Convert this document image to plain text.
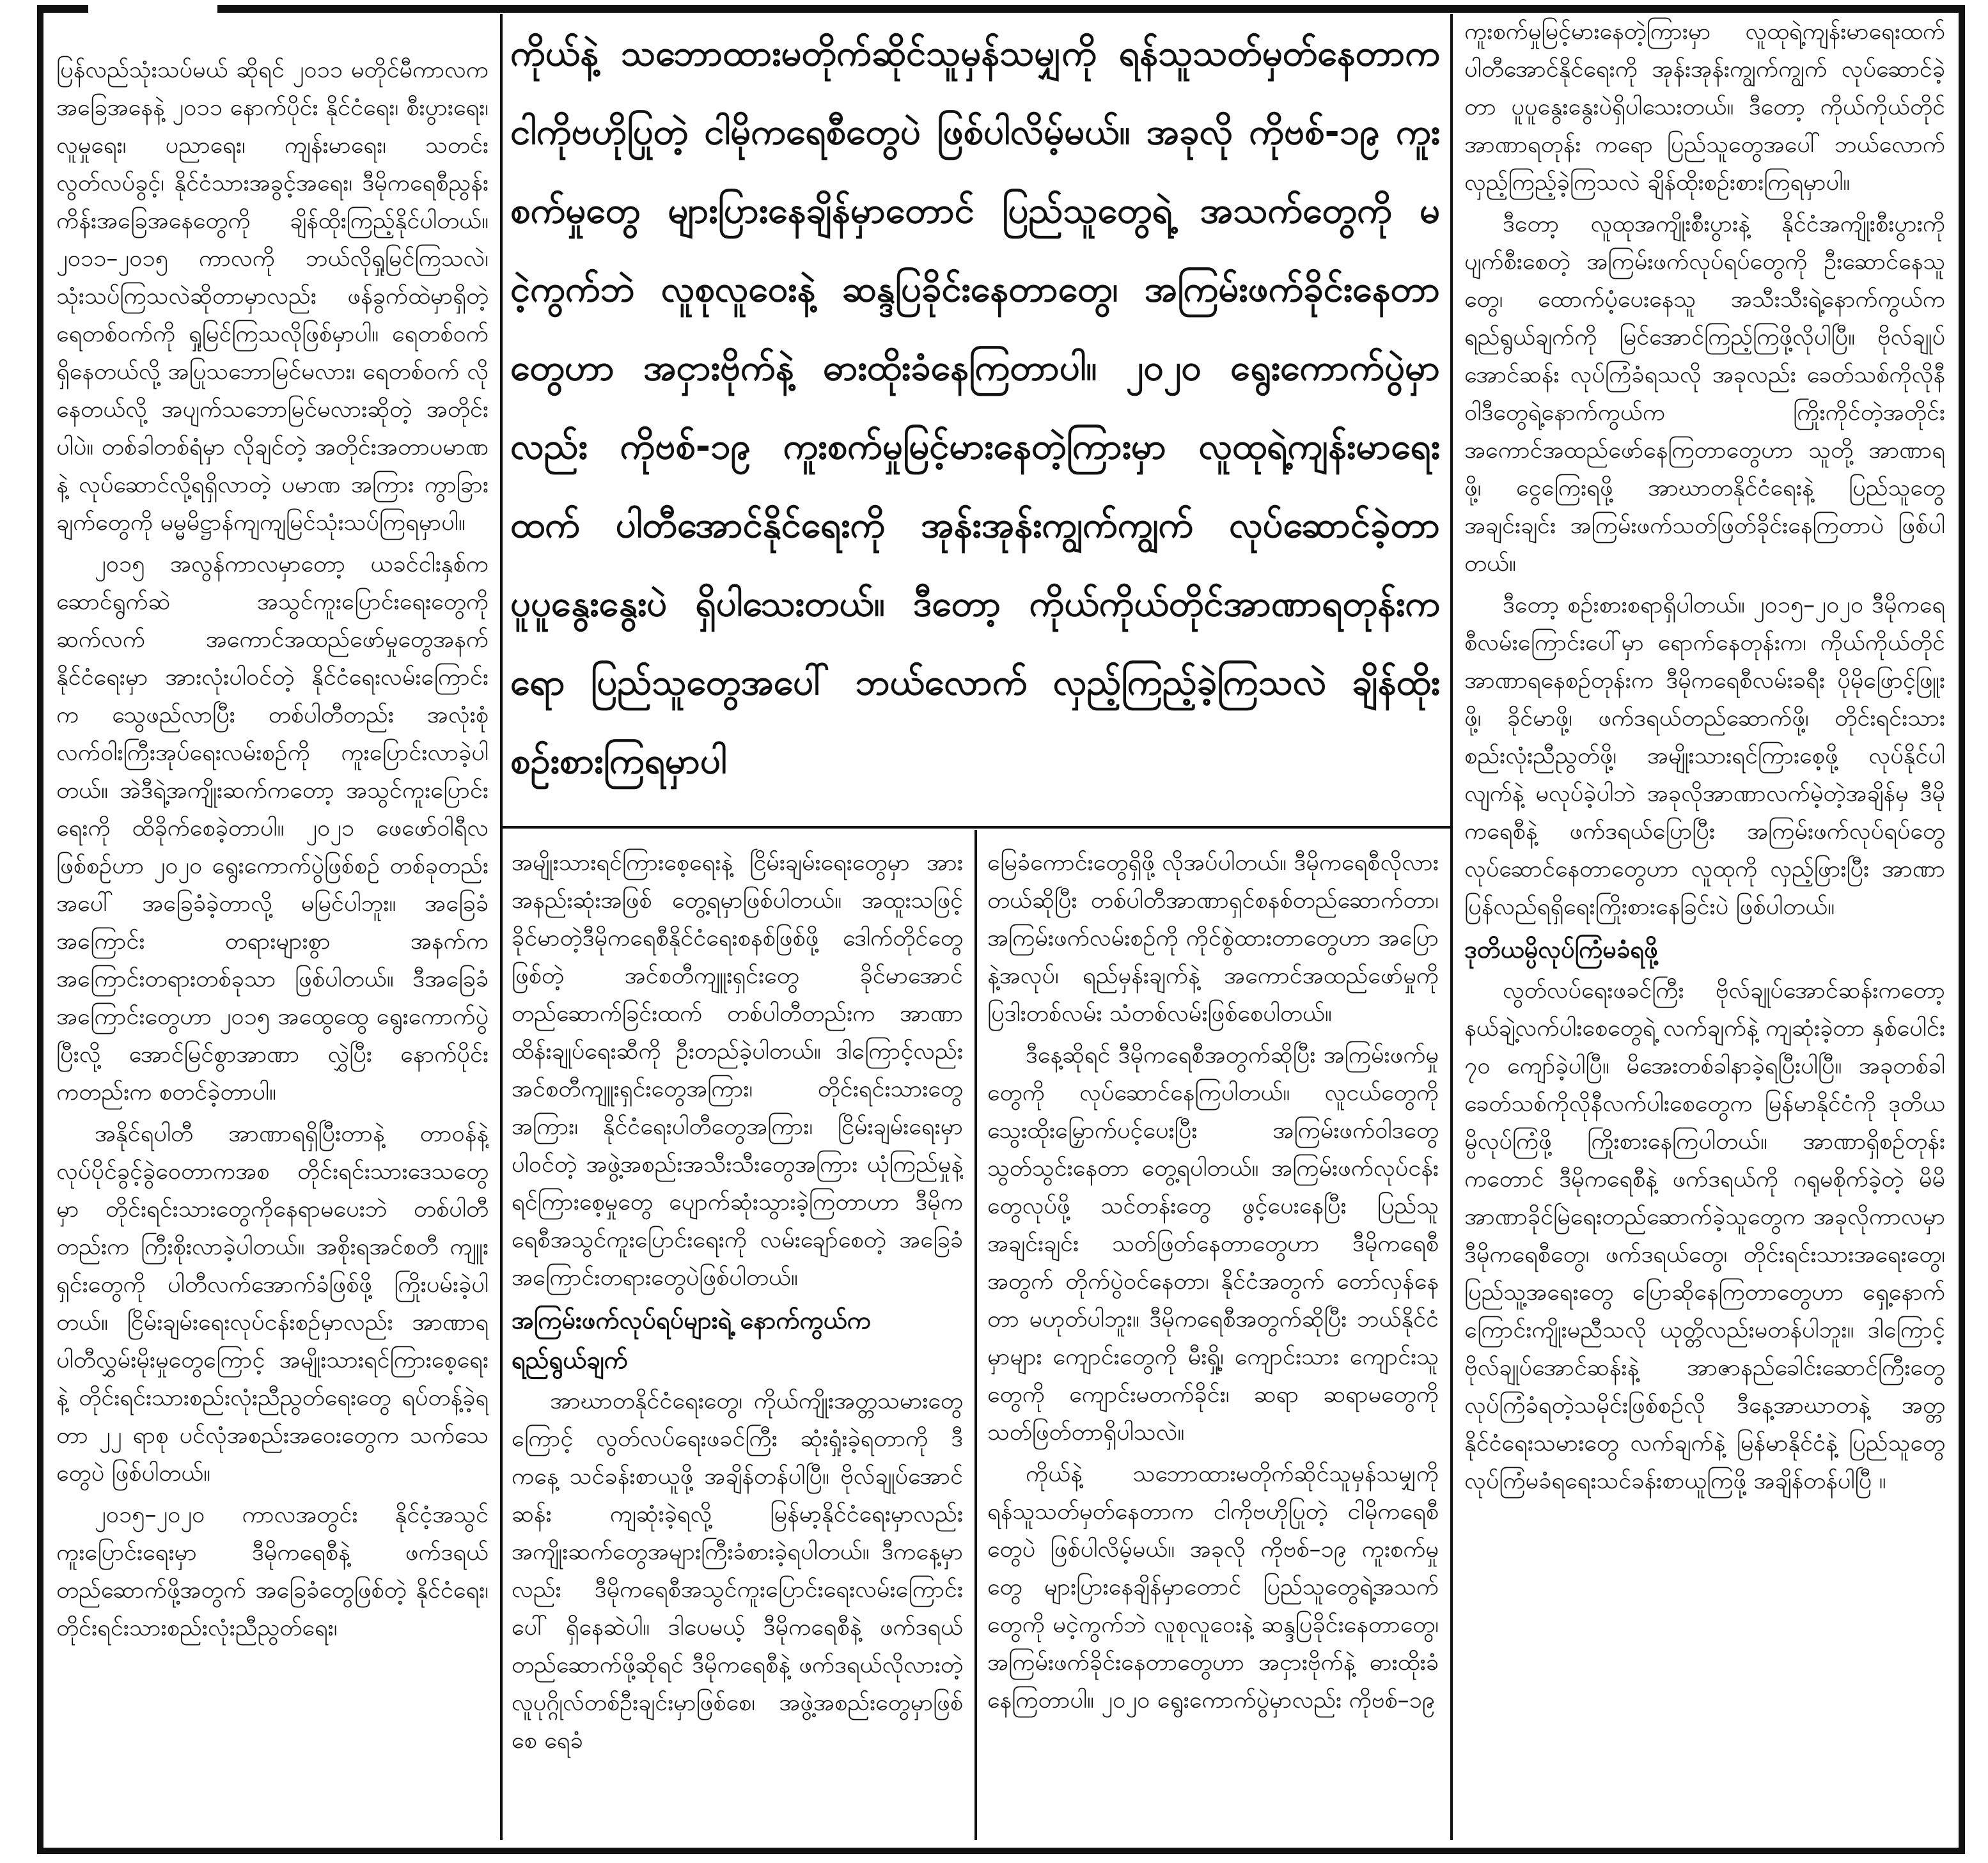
ပြန်လည်သုံးသပ်မယ် ဆိုရင် ၂၀၁၁ မတိုင်မီကာလက အခြေအနေနဲ့ ၂၀၁၁ နောက်ပိုင်း နိုင်ငံရေး၊ စီးပွားရေး၊ လူမှုရေး၊ ပညာရေး၊ ကျန်းမာရေး၊ သတင်းလွတ်လပ်ခွင့်၊ နိုင်ငံသားအခွင့်အရေး၊ ဒီမိုကရေစီညွန်းကိန်းအခြေအနေတွေကို ချိန်ထိုးကြည့်နိုင်ပါတယ်။ ၂၀၁၁–၂၀၁၅ ကာလကို ဘယ်လိုရှုမြင်ကြသလဲ၊ သုံးသပ်ကြသလဲဆိုတာမှာလည်း ဖန်ခွက်ထဲမှာရှိတဲ့ ရေတစ်ဝက်ကို ရှုမြင်ကြသလိုဖြစ်မှာပါ။ ရေတစ်ဝက် ရှိနေတယ်လို့ အပြုသဘောမြင်မလား၊ ရေတစ်ဝက် လိုနေတယ်လို့ အပျက်သဘောမြင်မလားဆိုတဲ့ အတိုင်းပါပဲ။ တစ်ခါတစ်ရံမှာ လိုချင်တဲ့ အတိုင်းအတာပမာဏနဲ့ လုပ်ဆောင်လို့ရရှိလာတဲ့ ပမာဏ အကြား ကွာခြားချက်တွေကို မမ္မမိဋ္ဌာန်ကျကျမြင်သုံးသပ်ကြရမှာပါ။

၂၀၁၅ အလွန်ကာလမှာတော့ ယခင်ငါးနှစ်ကဆောင်ရွက်ဆဲ အသွင်ကူးပြောင်းရေးတွေကို ဆက်လက် အကောင်အထည်ဖော်မှုတွေအနက် နိုင်ငံရေးမှာ အားလုံးပါဝင်တဲ့ နိုင်ငံရေးလမ်းကြောင်းက သွေဖည်လာပြီး တစ်ပါတီတည်း အလုံးစုံလက်ဝါးကြီးအုပ်ရေးလမ်းစဉ်ကို ကူးပြောင်းလာခဲ့ပါတယ်။ အဲဒီရဲ့အကျိုးဆက်ကတော့ အသွင်ကူးပြောင်းရေးကို ထိခိုက်စေခဲ့တာပါ။ ၂၀၂၁ ဖေဖော်ဝါရီလဖြစ်စဉ်ဟာ ၂၀၂၀ ရွေးကောက်ပွဲဖြစ်စဉ် တစ်ခုတည်းအပေါ် အခြေခံခဲ့တာလို့ မမြင်ပါဘူး။ အခြေခံအကြောင်း တရားများစွာ အနက်က အကြောင်းတရားတစ်ခုသာ ဖြစ်ပါတယ်။ ဒီအခြေခံအကြောင်းတွေဟာ ၂၀၁၅ အထွေထွေ ရွေးကောက်ပွဲပြီးလို့ အောင်မြင်စွာအာဏာ လွှဲပြီး နောက်ပိုင်းကတည်းက စတင်ခဲ့တာပါ။

အနိုင်ရပါတီ အာဏာရရှိပြီးတာနဲ့ တာဝန်နဲ့ လုပ်ပိုင်ခွင့်ခွဲဝေတာကအစ တိုင်းရင်းသားဒေသတွေမှာ တိုင်းရင်းသားတွေကိုနေရာမပေးဘဲ တစ်ပါတီတည်းက ကြီးစိုးလာခဲ့ပါတယ်။ အစိုးရအင်စတီ ကျူးရှင်းတွေကို ပါတီလက်အောက်ခံဖြစ်ဖို့ ကြိုးပမ်းခဲ့ပါတယ်။ ငြိမ်းချမ်းရေးလုပ်ငန်းစဉ်မှာလည်း အာဏာရပါတီလွှမ်းမိုးမှုတွေကြောင့် အမျိုးသားရင်ကြားစေ့ရေးနဲ့ တိုင်းရင်းသားစည်းလုံးညီညွတ်ရေးတွေ ရပ်တန့်ခဲ့ရတာ ၂၂ ရာစု ပင်လုံအစည်းအဝေးတွေက သက်သေတွေပဲ ဖြစ်ပါတယ်။

၂၀၁၅–၂၀၂၀ ကာလအတွင်း နိုင်ငံ့အသွင်ကူးပြောင်းရေးမှာ ဒီမိုကရေစီနဲ့ ဖက်ဒရယ်တည်ဆောက်ဖို့အတွက် အခြေခံတွေဖြစ်တဲ့ နိုင်ငံရေး၊ တိုင်းရင်းသားစည်းလုံးညီညွတ်ရေး၊

ကိုယ်နဲ့ သဘောထားမတိုက်ဆိုင်သူမှန်သမျှကို ရန်သူသတ်မှတ်နေတာက ငါကိုဗဟိုပြုတဲ့ ငါမိုကရေစီတွေပဲ ဖြစ်ပါလိမ့်မယ်။ အခုလို ကိုဗစ်-၁၉ ကူးစက်မှုတွေ များပြားနေချိန်မှာတောင် ပြည်သူတွေရဲ့ အသက်တွေကို မငဲ့ကွက်ဘဲ လူစုလူဝေးနဲ့ ဆန္ဒပြခိုင်းနေတာတွေ၊ အကြမ်းဖက်ခိုင်းနေတာတွေဟာ အငှားဗိုက်နဲ့ ဓားထိုးခံနေကြတာပါ။ ၂၀၂၀ ရွေးကောက်ပွဲမှာလည်း ကိုဗစ်-၁၉ ကူးစက်မှုမြင့်မားနေတဲ့ကြားမှာ လူထုရဲ့ကျန်းမာရေးထက် ပါတီအောင်နိုင်ရေးကို အုန်းအုန်းကျွက်ကျွက် လုပ်ဆောင်ခဲ့တာ ပူပူနွေးနွေးပဲ ရှိပါသေးတယ်။ ဒီတော့ ကိုယ်ကိုယ်တိုင်အာဏာရတုန်းကရော ပြည်သူတွေအပေါ် ဘယ်လောက် လှည့်ကြည့်ခဲ့ကြသလဲ ချိန်ထိုးစဉ်းစားကြရမှာပါ

အမျိုးသားရင်ကြားစေ့ရေးနဲ့ ငြိမ်းချမ်းရေးတွေမှာ အားအနည်းဆုံးအဖြစ် တွေ့ရမှာဖြစ်ပါတယ်။ အထူးသဖြင့် ခိုင်မာတဲ့ဒီမိုကရေစီနိုင်ငံရေးစနစ်ဖြစ်ဖို့ ဒေါက်တိုင်တွေဖြစ်တဲ့ အင်စတီကျူးရှင်းတွေ ခိုင်မာအောင် တည်ဆောက်ခြင်းထက် တစ်ပါတီတည်းက အာဏာထိန်းချုပ်ရေးဆီကို ဦးတည်ခဲ့ပါတယ်။ ဒါကြောင့်လည်း အင်စတီကျူးရှင်းတွေအကြား၊ တိုင်းရင်းသားတွေအကြား၊ နိုင်ငံရေးပါတီတွေအကြား၊ ငြိမ်းချမ်းရေးမှာပါဝင်တဲ့ အဖွဲ့အစည်းအသီးသီးတွေအကြား ယုံကြည်မှုနဲ့ ရင်ကြားစေ့မှုတွေ ပျောက်ဆုံးသွားခဲ့ကြတာဟာ ဒီမိုကရေစီအသွင်ကူးပြောင်းရေးကို လမ်းချော်စေတဲ့ အခြေခံအကြောင်းတရားတွေပဲဖြစ်ပါတယ်။

အကြမ်းဖက်လုပ်ရပ်များရဲ့ နောက်ကွယ်က ရည်ရွယ်ချက်

အာဃာတနိုင်ငံရေးတွေ၊ ကိုယ်ကျိုးအတ္တသမားတွေကြောင့် လွတ်လပ်ရေးဖခင်ကြီး ဆုံးရှုံးခဲ့ရတာကို ဒီကနေ့ သင်ခန်းစာယူဖို့ အချိန်တန်ပါပြီ။ ဗိုလ်ချုပ်အောင်ဆန်း ကျဆုံးခဲ့ရလို့ မြန်မာ့နိုင်ငံရေးမှာလည်း အကျိုးဆက်တွေအများကြီးခံစားခဲ့ရပါတယ်။ ဒီကနေ့မှာလည်း ဒီမိုကရေစီအသွင်ကူးပြောင်းရေးလမ်းကြောင်းပေါ် ရှိနေဆဲပါ။ ဒါပေမယ့် ဒီမိုကရေစီနဲ့ ဖက်ဒရယ်တည်ဆောက်ဖို့ဆိုရင် ဒီမိုကရေစီနဲ့ ဖက်ဒရယ်လိုလားတဲ့ လူပုဂ္ဂိုလ်တစ်ဦးချင်းမှာဖြစ်စေ၊ အဖွဲ့အစည်းတွေမှာဖြစ်စေ ရေခံ

မြေခံကောင်းတွေရှိဖို့ လိုအပ်ပါတယ်။ ဒီမိုကရေစီလိုလားတယ်ဆိုပြီး တစ်ပါတီအာဏာရှင်စနစ်တည်ဆောက်တာ၊ အကြမ်းဖက်လမ်းစဉ်ကို ကိုင်စွဲထားတာတွေဟာ အပြောနဲ့အလုပ်၊ ရည်မှန်းချက်နဲ့ အကောင်အထည်ဖော်မှုကို ပြဒါးတစ်လမ်း သံတစ်လမ်းဖြစ်စေပါတယ်။

ဒီနေ့ဆိုရင် ဒီမိုကရေစီအတွက်ဆိုပြီး အကြမ်းဖက်မှုတွေကို လုပ်ဆောင်နေကြပါတယ်။ လူငယ်တွေကို သွေးထိုးမြှောက်ပင့်ပေးပြီး အကြမ်းဖက်ဝါဒတွေ သွတ်သွင်းနေတာ တွေ့ရပါတယ်။ အကြမ်းဖက်လုပ်ငန်းတွေလုပ်ဖို့ သင်တန်းတွေ ဖွင့်ပေးနေပြီး ပြည်သူအချင်းချင်း သတ်ဖြတ်နေတာတွေဟာ ဒီမိုကရေစီအတွက် တိုက်ပွဲဝင်နေတာ၊ နိုင်ငံအတွက် တော်လှန်နေတာ မဟုတ်ပါဘူး။ ဒီမိုကရေစီအတွက်ဆိုပြီး ဘယ်နိုင်ငံမှာများ ကျောင်းတွေကို မီးရှို့၊ ကျောင်းသား ကျောင်းသူတွေကို ကျောင်းမတက်ခိုင်း၊ ဆရာ ဆရာမတွေကို သတ်ဖြတ်တာရှိပါသလဲ။

ကိုယ်နဲ့ သဘောထားမတိုက်ဆိုင်သူမှန်သမျှကို ရန်သူသတ်မှတ်နေတာက ငါကိုဗဟိုပြုတဲ့ ငါမိုကရေစီတွေပဲ ဖြစ်ပါလိမ့်မယ်။ အခုလို ကိုဗစ်–၁၉ ကူးစက်မှုတွေ များပြားနေချိန်မှာတောင် ပြည်သူတွေရဲ့အသက်တွေကို မငဲ့ကွက်ဘဲ လူစုလူဝေးနဲ့ ဆန္ဒပြခိုင်းနေတာတွေ၊ အကြမ်းဖက်ခိုင်းနေတာတွေဟာ အငှားဗိုက်နဲ့ ဓားထိုးခံနေကြတာပါ။ ၂၀၂၀ ရွေးကောက်ပွဲမှာလည်း ကိုဗစ်–၁၉

ကူးစက်မှုမြင့်မားနေတဲ့ကြားမှာ လူထုရဲ့ကျန်းမာရေးထက် ပါတီအောင်နိုင်ရေးကို အုန်းအုန်းကျွက်ကျွက် လုပ်ဆောင်ခဲ့တာ ပူပူနွေးနွေးပဲရှိပါသေးတယ်။ ဒီတော့ ကိုယ်ကိုယ်တိုင် အာဏာရတုန်း ကရော ပြည်သူတွေအပေါ် ဘယ်လောက်လှည့်ကြည့်ခဲ့ကြသလဲ ချိန်ထိုးစဉ်းစားကြရမှာပါ။

ဒီတော့ လူထုအကျိုးစီးပွားနဲ့ နိုင်ငံအကျိုးစီးပွားကို ပျက်စီးစေတဲ့ အကြမ်းဖက်လုပ်ရပ်တွေကို ဦးဆောင်နေသူတွေ၊ ထောက်ပံ့ပေးနေသူ အသီးသီးရဲ့နောက်ကွယ်က ရည်ရွယ်ချက်ကို မြင်အောင်ကြည့်ကြဖို့လိုပါပြီ။ ဗိုလ်ချုပ်အောင်ဆန်း လုပ်ကြံခံရသလို အခုလည်း ခေတ်သစ်ကိုလိုနီ ဝါဒီတွေရဲ့နောက်ကွယ်က ကြိုးကိုင်တဲ့အတိုင်း အကောင်အထည်ဖော်နေကြတာတွေဟာ သူတို့ အာဏာရဖို့၊ ငွေကြေးရဖို့ အာဃာတနိုင်ငံရေးနဲ့ ပြည်သူတွေအချင်းချင်း အကြမ်းဖက်သတ်ဖြတ်ခိုင်းနေကြတာပဲ ဖြစ်ပါတယ်။

ဒီတော့ စဉ်းစားစရာရှိပါတယ်။ ၂၀၁၅–၂၀၂၀ ဒီမိုကရေစီလမ်းကြောင်းပေါ်မှာ ရောက်နေတုန်းက၊ ကိုယ်ကိုယ်တိုင် အာဏာရနေစဉ်တုန်းက ဒီမိုကရေစီလမ်းခရီး ပိုမိုဖြောင့်ဖြူးဖို့၊ ခိုင်မာဖို့၊ ဖက်ဒရယ်တည်ဆောက်ဖို့၊ တိုင်းရင်းသားစည်းလုံးညီညွတ်ဖို့၊ အမျိုးသားရင်ကြားစေ့ဖို့ လုပ်နိုင်ပါလျက်နဲ့ မလုပ်ခဲ့ပါဘဲ အခုလိုအာဏာလက်မဲ့တဲ့အချိန်မှ ဒီမိုကရေစီနဲ့ ဖက်ဒရယ်ပြောပြီး အကြမ်းဖက်လုပ်ရပ်တွေ လုပ်ဆောင်နေတာတွေဟာ လူထုကို လှည့်ဖြားပြီး အာဏာပြန်လည်ရရှိရေးကြိုးစားနေခြင်းပဲ ဖြစ်ပါတယ်။

ဒုတိယမ္ပိလုပ်ကြံမခံရဖို့

လွတ်လပ်ရေးဖခင်ကြီး ဗိုလ်ချုပ်အောင်ဆန်းကတော့ နယ်ချဲ့လက်ပါးစေတွေရဲ့ လက်ချက်နဲ့ ကျဆုံးခဲ့တာ နှစ်ပေါင်း ၇၀ ကျော်ခဲ့ပါပြီ။ မိအေးတစ်ခါနာခဲ့ရပြီးပါပြီ။ အခုတစ်ခါ ခေတ်သစ်ကိုလိုနီလက်ပါးစေတွေက မြန်မာနိုင်ငံကို ဒုတိယမ္ပိလုပ်ကြံဖို့ ကြိုးစားနေကြပါတယ်။ အာဏာရှိစဉ်တုန်းကတောင် ဒီမိုကရေစီနဲ့ ဖက်ဒရယ်ကို ဂရုမစိုက်ခဲ့တဲ့ မိမိအာဏာခိုင်မြဲရေးတည်ဆောက်ခဲ့သူတွေက အခုလိုကာလမှာ ဒီမိုကရေစီတွေ၊ ဖက်ဒရယ်တွေ၊ တိုင်းရင်းသားအရေးတွေ၊ ပြည်သူ့အရေးတွေ ပြောဆိုနေကြတာတွေဟာ ရှေ့နောက်ကြောင်းကျိုးမညီသလို ယုတ္တိလည်းမတန်ပါဘူး။ ဒါကြောင့် ဗိုလ်ချုပ်အောင်ဆန်းနဲ့ အာဇာနည်ခေါင်းဆောင်ကြီးတွေ လုပ်ကြံခံရတဲ့သမိုင်းဖြစ်စဉ်လို ဒီနေ့အာဃာတနဲ့ အတ္တနိုင်ငံရေးသမားတွေ လက်ချက်နဲ့ မြန်မာနိုင်ငံနဲ့ ပြည်သူတွေ လုပ်ကြံမခံရရေးသင်ခန်းစာယူကြဖို့ အချိန်တန်ပါပြီ ။
